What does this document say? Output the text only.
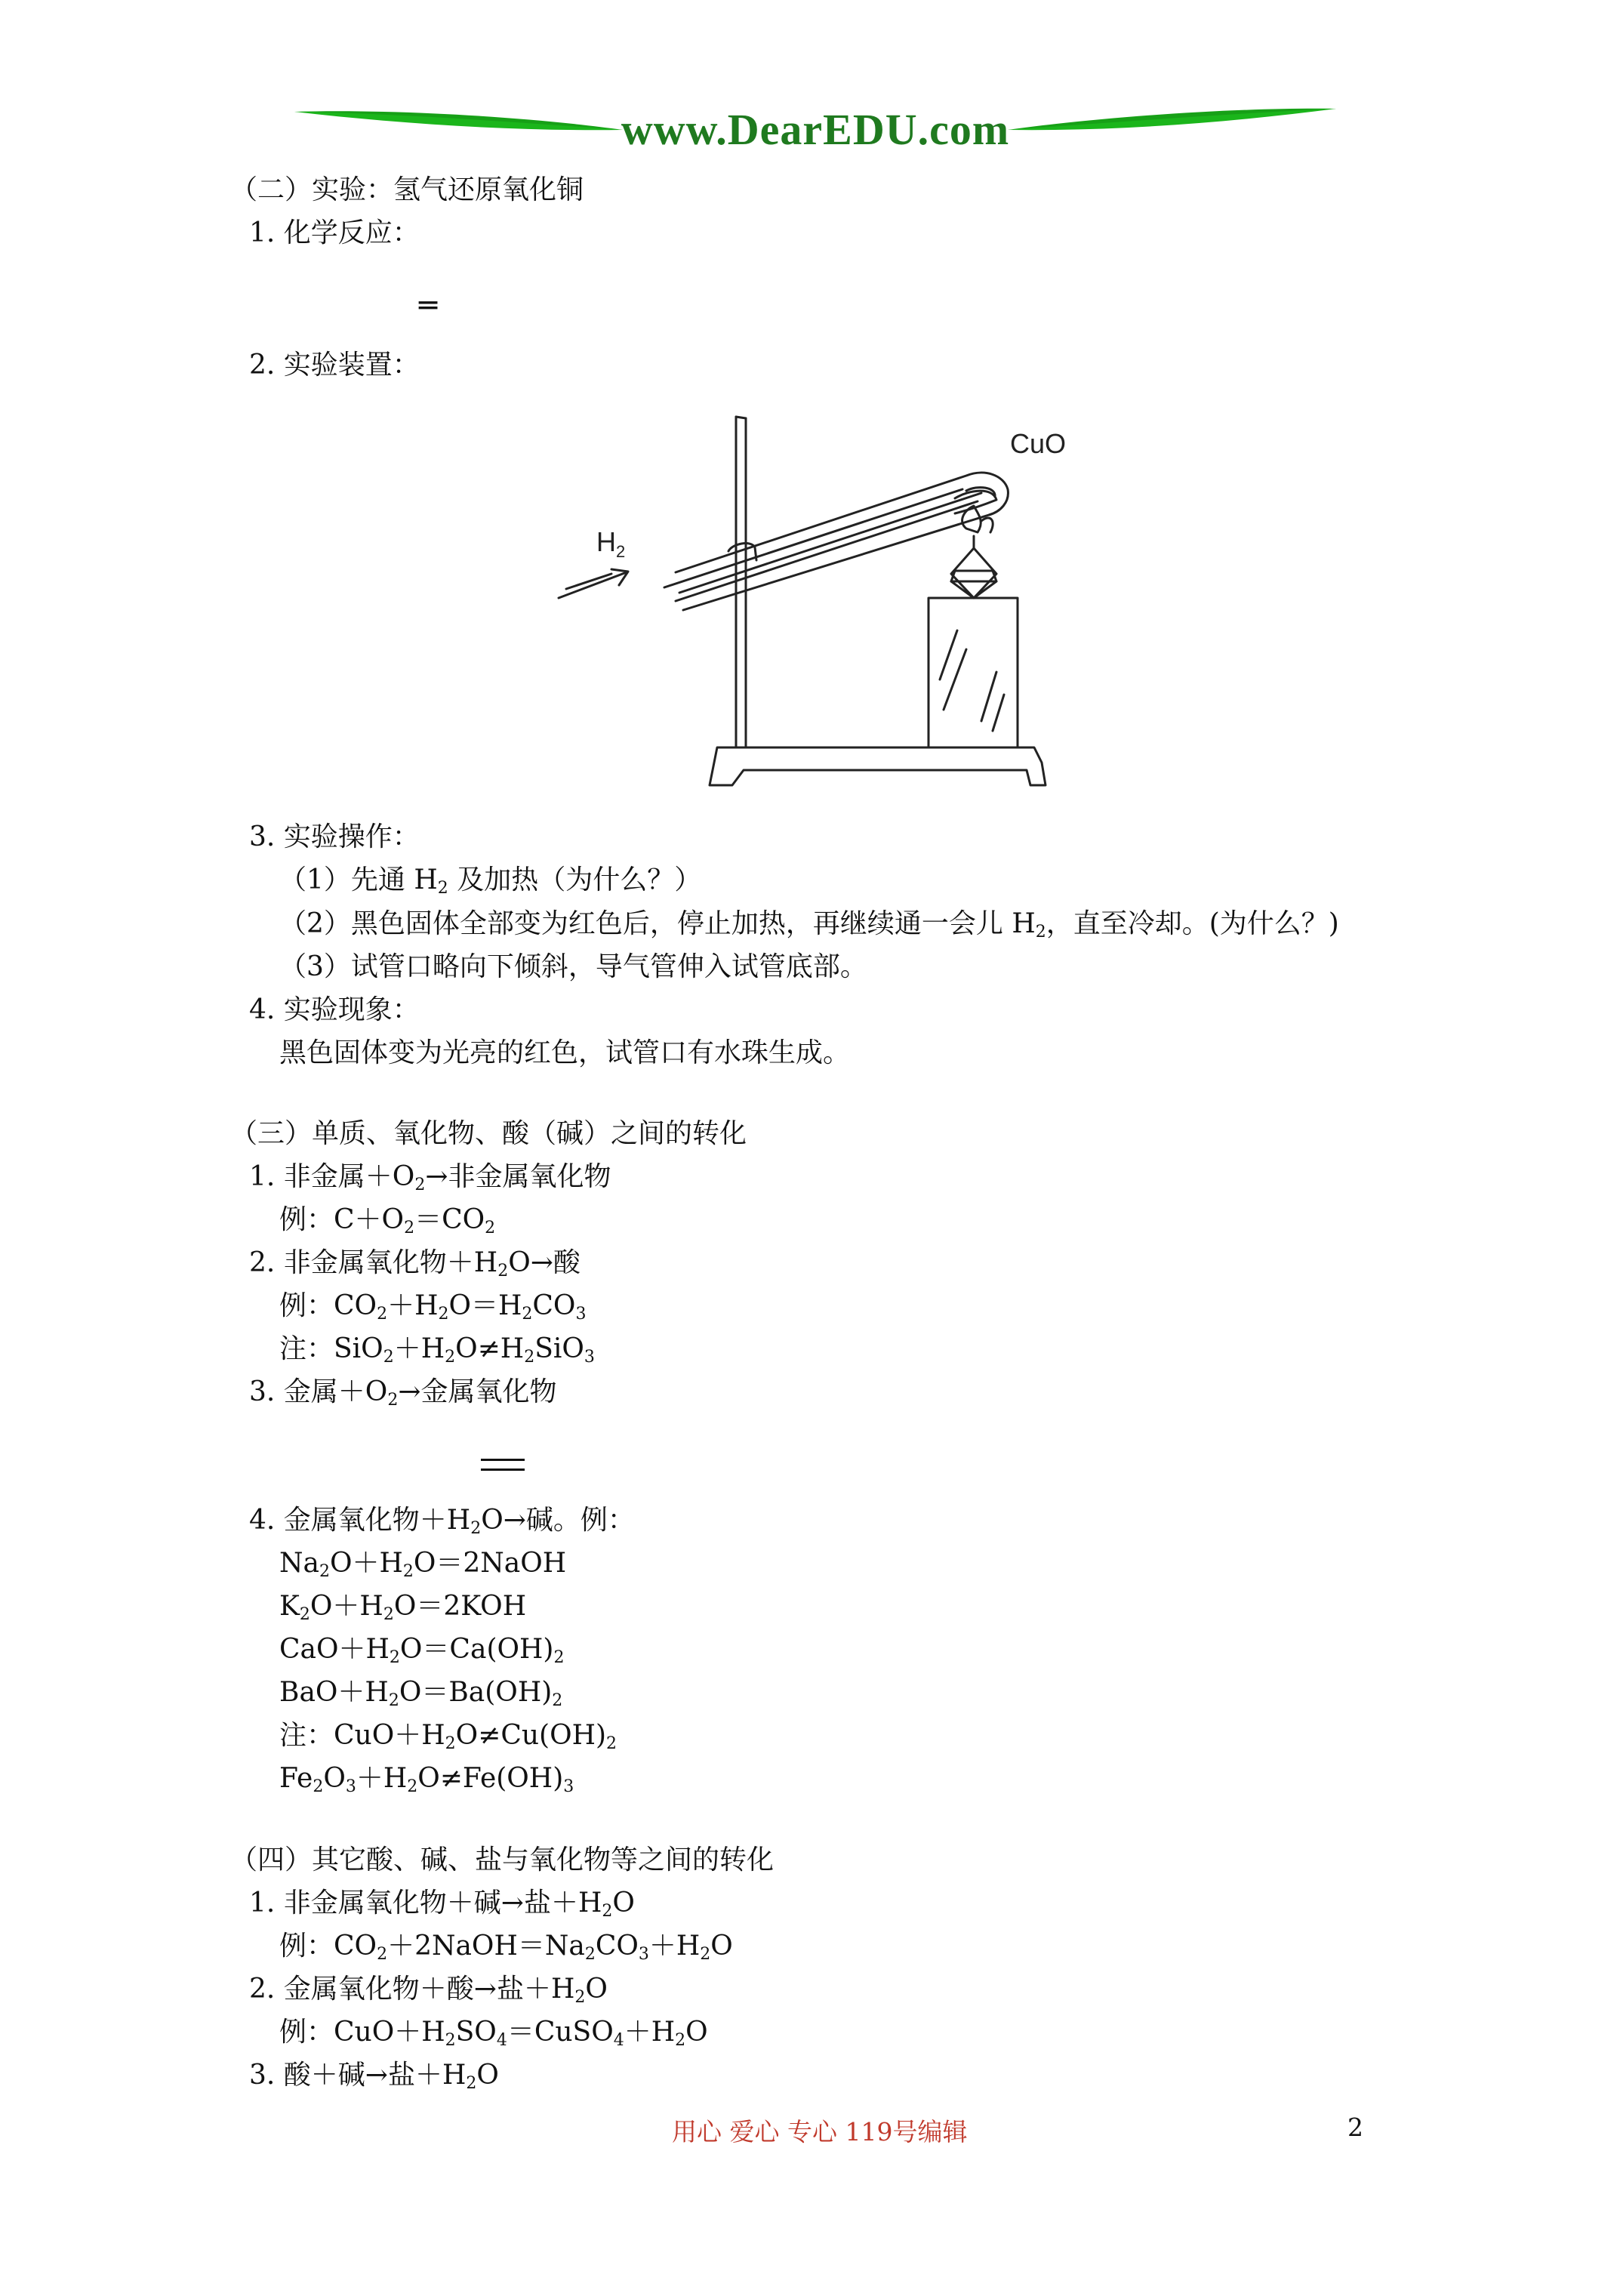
www.DearEDU.com
（二）实验：氢气还原氧化铜
1. 化学反应：
═
2. 实验装置：
$H_2$
CuO
3. 实验操作：
（1）先通 $H_2$ 及加热（为什么？）
（2）黑色固体全部变为红色后，停止加热，再继续通一会儿 $H_2$，直至冷却。(为什么？)
（3）试管口略向下倾斜，导气管伸入试管底部。
4. 实验现象：
黑色固体变为光亮的红色，试管口有水珠生成。
（三）单质、氧化物、酸（碱）之间的转化
1. 非金属$+O_2\to$非金属氧化物
例：$C+O_2=CO_2$
2. 非金属氧化物$+H_2O\to$酸
例：$CO_2+H_2O=H_2CO_3$
注：$SiO_2+H_2O\ne H_2SiO_3$
3. 金属$+O_2\to$金属氧化物
4. 金属氧化物$+H_2O\to$碱。例：
$Na_2O+H_2O=2NaOH$
$K_2O+H_2O=2KOH$
$CaO+H_2O=Ca(OH)_2$
$BaO+H_2O=Ba(OH)_2$
注：$CuO+H_2O\ne Cu(OH)_2$
$Fe_2O_3+H_2O\ne Fe(OH)_3$
（四）其它酸、碱、盐与氧化物等之间的转化
1. 非金属氧化物＋碱→盐$+H_2O$
例：$CO_2+2NaOH=Na_2CO_3+H_2O$
2. 金属氧化物＋酸→盐$+H_2O$
例：$CuO+H_2SO_4=CuSO_4+H_2O$
3. 酸＋碱→盐$+H_2O$
用心 爱心 专心 119号编辑	2
